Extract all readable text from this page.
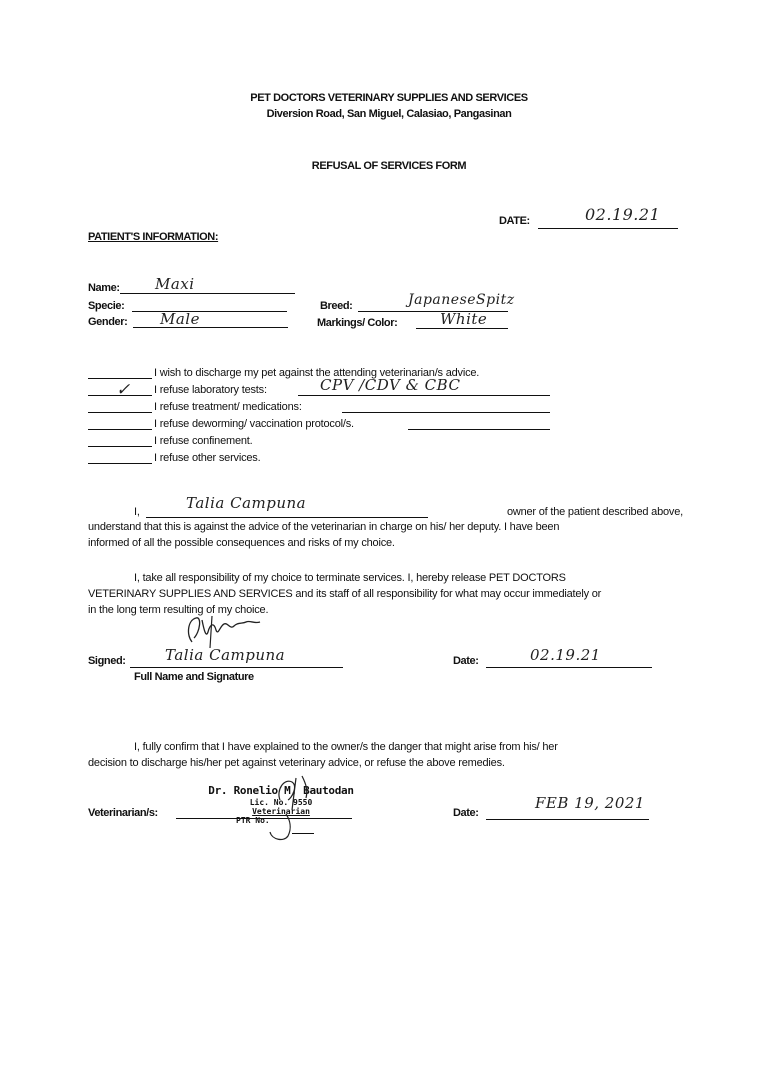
PET DOCTORS VETERINARY SUPPLIES AND SERVICES
Diversion Road, San Miguel, Calasiao, Pangasinan
REFUSAL OF SERVICES FORM
DATE:	02.19.21
PATIENT'S INFORMATION:
Name: Maxi
Specie:
Gender: Male
Breed:	JapaneseSpitz
Markings/ Color:	White
I wish to discharge my pet against the attending veterinarian/s advice.
✓ I refuse laboratory tests:	CPV /CDV & CBC
I refuse treatment/ medications:
I refuse deworming/ vaccination protocol/s.
I refuse confinement.
I refuse other services.
I,	Talia Campuna	owner of the patient described above,
understand that this is against the advice of the veterinarian in charge on his/ her deputy. I have been
informed of all the possible consequences and risks of my choice.
I, take all responsibility of my choice to terminate services. I, hereby release PET DOCTORS
VETERINARY SUPPLIES AND SERVICES and its staff of all responsibility for what may occur immediately or
in the long term resulting of my choice.
Signed:	Talia Campuna
Full Name and Signature
Date:	02.19.21
I, fully confirm that I have explained to the owner/s the danger that might arise from his/ her
decision to discharge his/her pet against veterinary advice, or refuse the above remedies.
Veterinarian/s:
Dr. Ronelio M. Bautodan
Lic. No. 9550
Veterinarian
PTR No.
Date:
FEB 19, 2021
